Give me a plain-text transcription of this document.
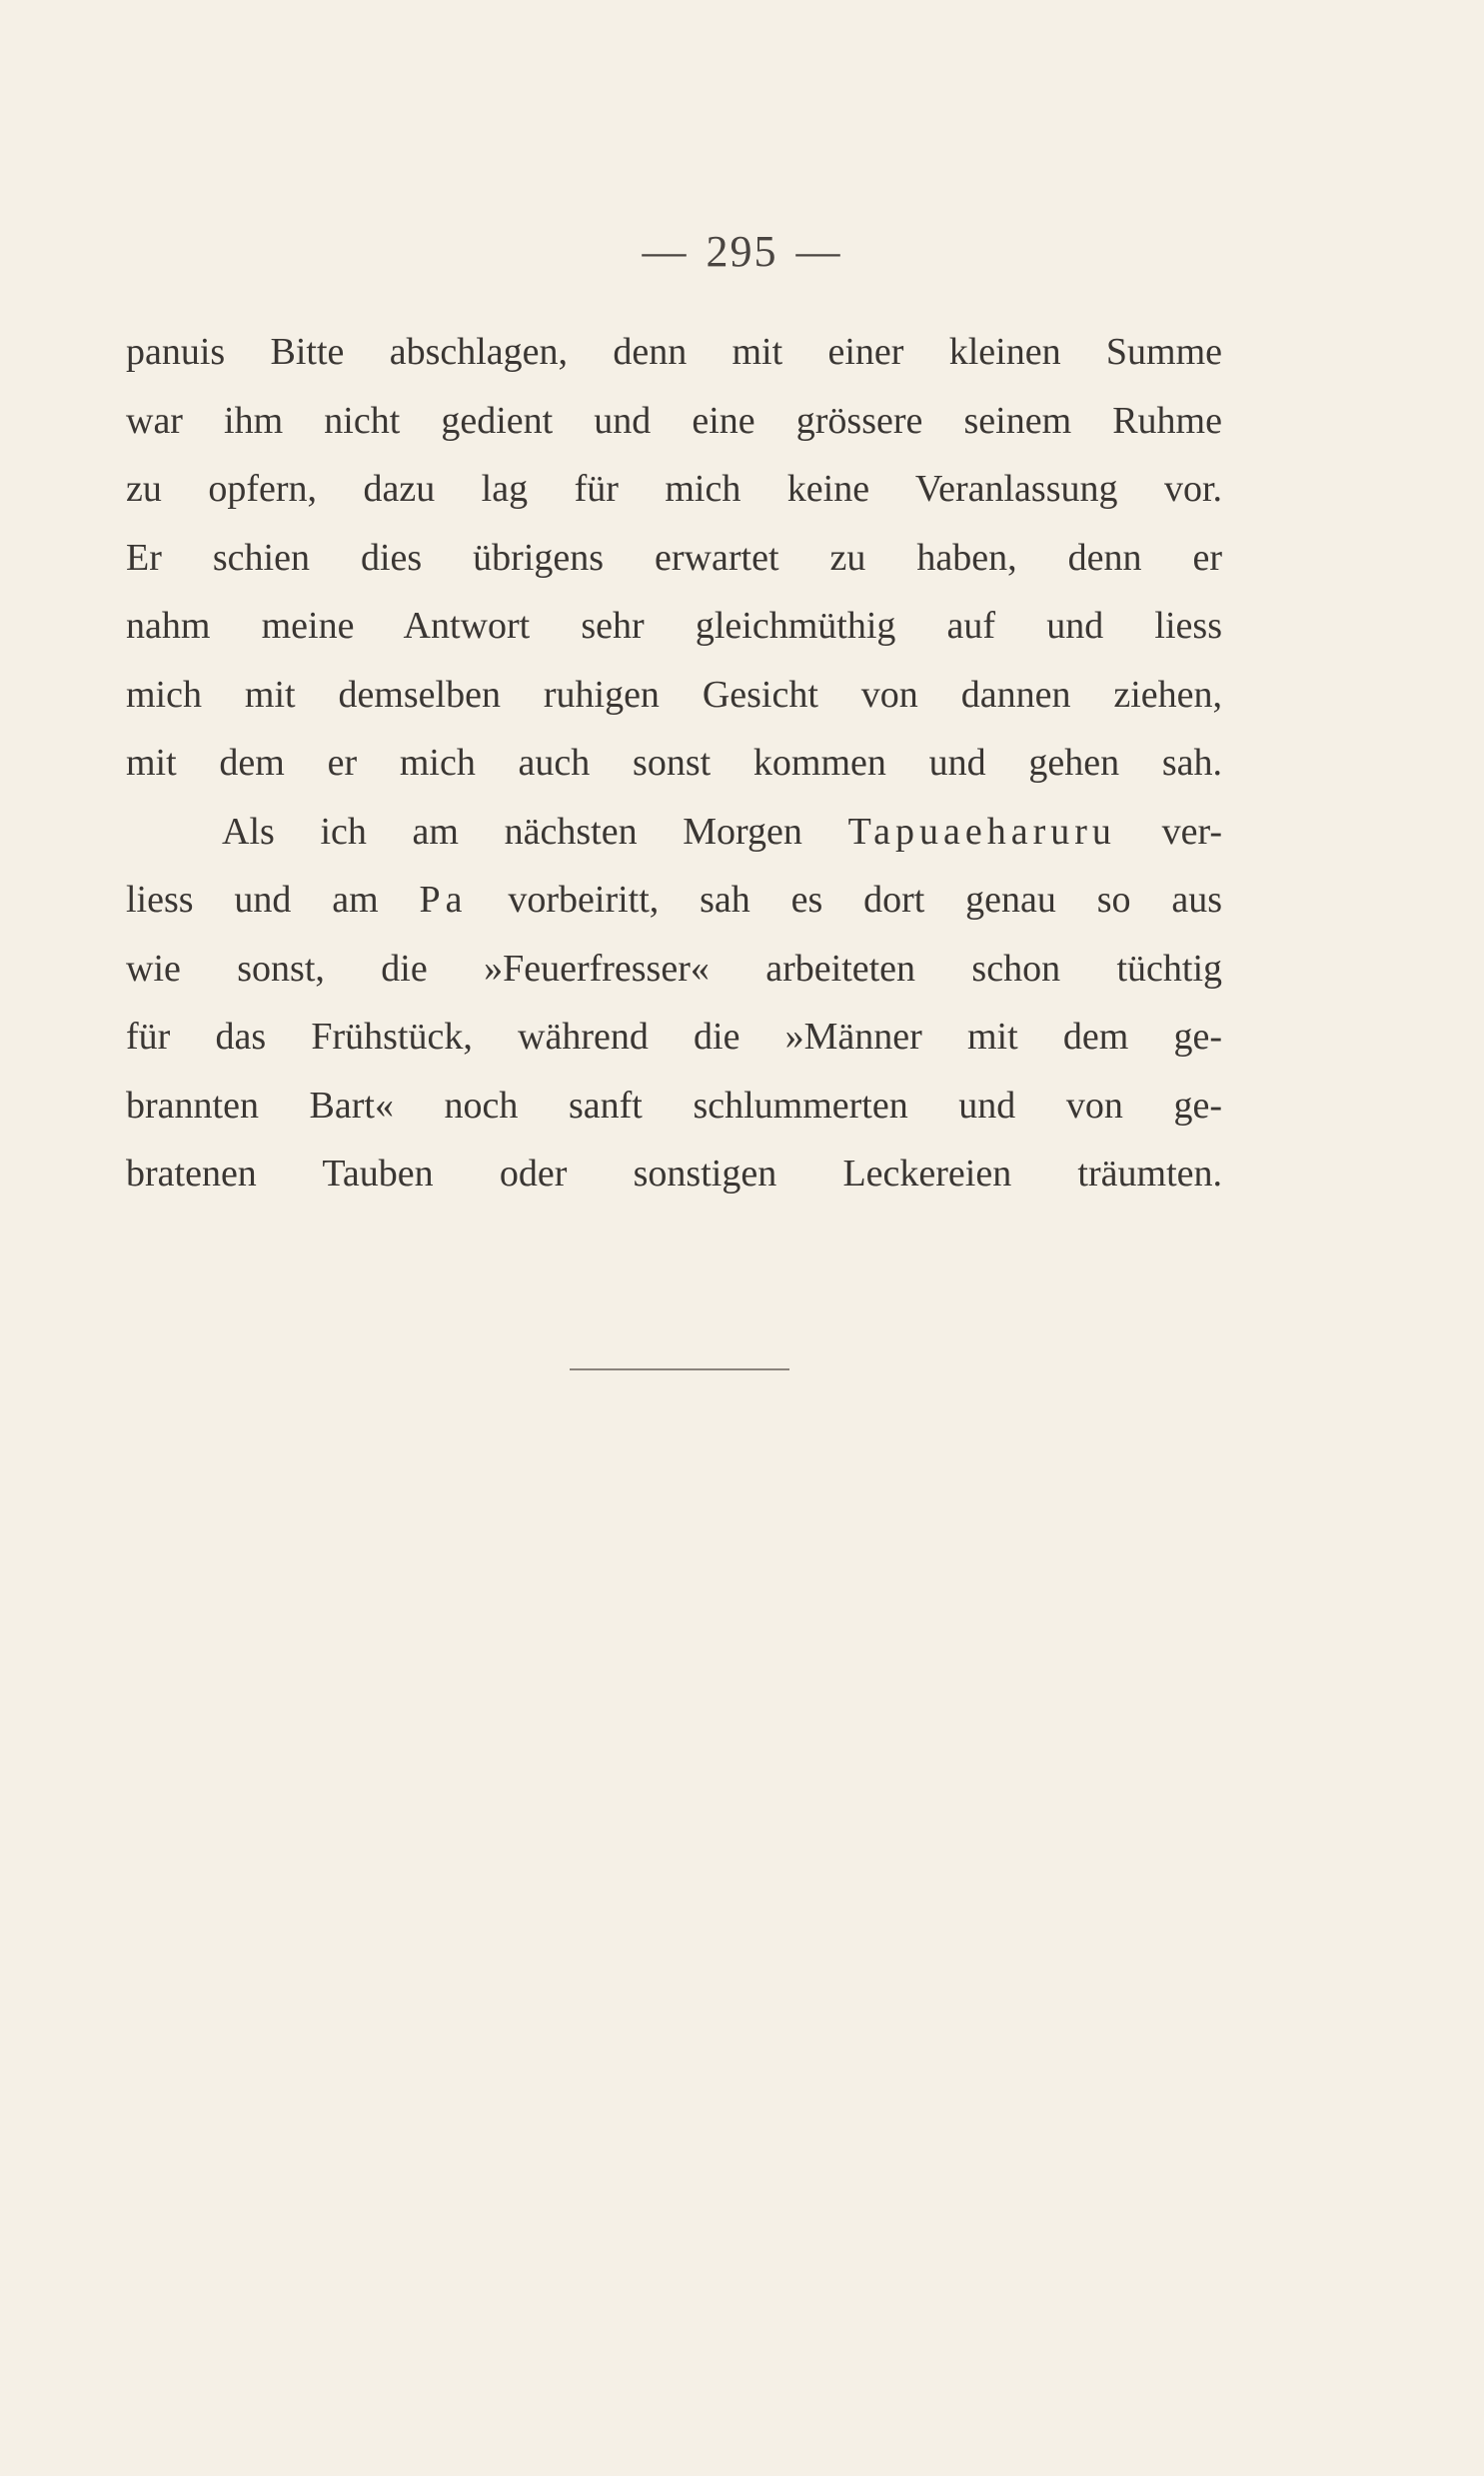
— 295 —
panuis Bitte abschlagen, denn mit einer kleinen Summe
war ihm nicht gedient und eine grössere seinem Ruhme
zu opfern, dazu lag für mich keine Veranlassung vor.
Er schien dies übrigens erwartet zu haben, denn er
nahm meine Antwort sehr gleichmüthig auf und liess
mich mit demselben ruhigen Gesicht von dannen ziehen,
mit dem er mich auch sonst kommen und gehen sah.
Als ich am nächsten Morgen Tapuaeharuru ver-
liess und am Pa vorbeiritt, sah es dort genau so aus
wie sonst, die »Feuerfresser« arbeiteten schon tüchtig
für das Frühstück, während die »Männer mit dem ge-
brannten Bart« noch sanft schlummerten und von ge-
bratenen Tauben oder sonstigen Leckereien träumten.
